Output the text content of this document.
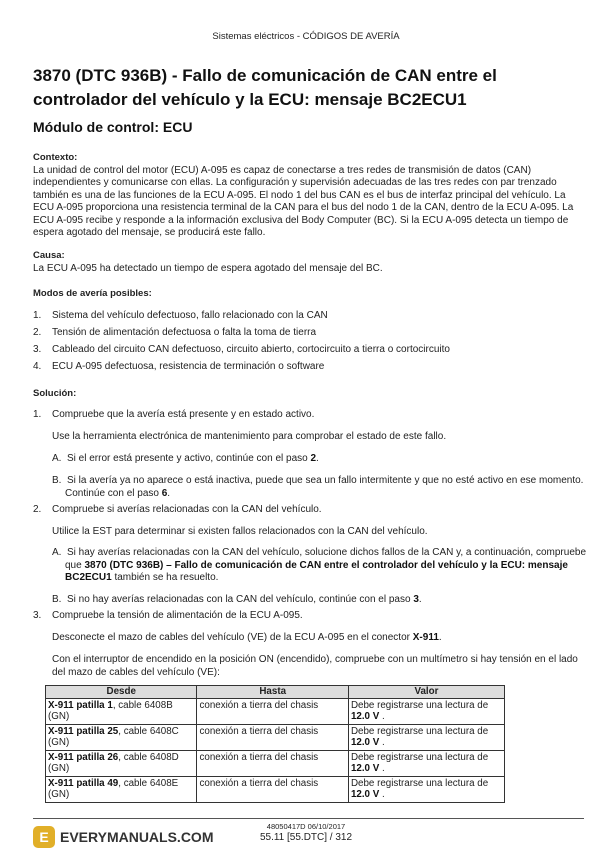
Sistemas eléctricos - CÓDIGOS DE AVERÍA
3870 (DTC 936B) - Fallo de comunicación de CAN entre el controlador del vehículo y la ECU: mensaje BC2ECU1
Módulo de control: ECU
Contexto:
La unidad de control del motor (ECU) A-095 es capaz de conectarse a tres redes de transmisión de datos (CAN) independientes y comunicarse con ellas. La configuración y supervisión adecuadas de las tres redes con par trenzado también es una de las funciones de la ECU A-095. El nodo 1 del bus CAN es el bus de interfaz principal del vehículo. La ECU A-095 proporciona una resistencia terminal de la CAN para el bus del nodo 1 de la CAN, dentro de la ECU A-095. La ECU A-095 recibe y responde a la información exclusiva del Body Computer (BC). Si la ECU A-095 detecta un tiempo de espera agotado del mensaje, se producirá este fallo.
Causa:
La ECU A-095 ha detectado un tiempo de espera agotado del mensaje del BC.
Modos de avería posibles:
1. Sistema del vehículo defectuoso, fallo relacionado con la CAN
2. Tensión de alimentación defectuosa o falta la toma de tierra
3. Cableado del circuito CAN defectuoso, circuito abierto, cortocircuito a tierra o cortocircuito
4. ECU A-095 defectuosa, resistencia de terminación o software
Solución:
1. Compruebe que la avería está presente y en estado activo.
Use la herramienta electrónica de mantenimiento para comprobar el estado de este fallo.
A.  Si el error está presente y activo, continúe con el paso 2.
B.  Si la avería ya no aparece o está inactiva, puede que sea un fallo intermitente y que no esté activo en ese momento. Continúe con el paso 6.
2. Compruebe si averías relacionadas con la CAN del vehículo.
Utilice la EST para determinar si existen fallos relacionados con la CAN del vehículo.
A.  Si hay averías relacionadas con la CAN del vehículo, solucione dichos fallos de la CAN y, a continuación, compruebe que 3870 (DTC 936B) – Fallo de comunicación de CAN entre el controlador del vehículo y la ECU: mensaje BC2ECU1 también se ha resuelto.
B.  Si no hay averías relacionadas con la CAN del vehículo, continúe con el paso 3.
3. Compruebe la tensión de alimentación de la ECU A-095.
Desconecte el mazo de cables del vehículo (VE) de la ECU A-095 en el conector X-911.
Con el interruptor de encendido en la posición ON (encendido), compruebe con un multímetro si hay tensión en el lado del mazo de cables del vehículo (VE):
Desde	Hasta	Valor
X-911 patilla 1, cable 6408B (GN)	conexión a tierra del chasis	Debe registrarse una lectura de 12.0 V .
X-911 patilla 25, cable 6408C (GN)	conexión a tierra del chasis	Debe registrarse una lectura de 12.0 V .
X-911 patilla 26, cable 6408D (GN)	conexión a tierra del chasis	Debe registrarse una lectura de 12.0 V .
X-911 patilla 49, cable 6408E (GN)	conexión a tierra del chasis	Debe registrarse una lectura de 12.0 V .
48050417D 06/10/2017
55.11 [55.DTC] / 312
E EVERYMANUALS.COM
